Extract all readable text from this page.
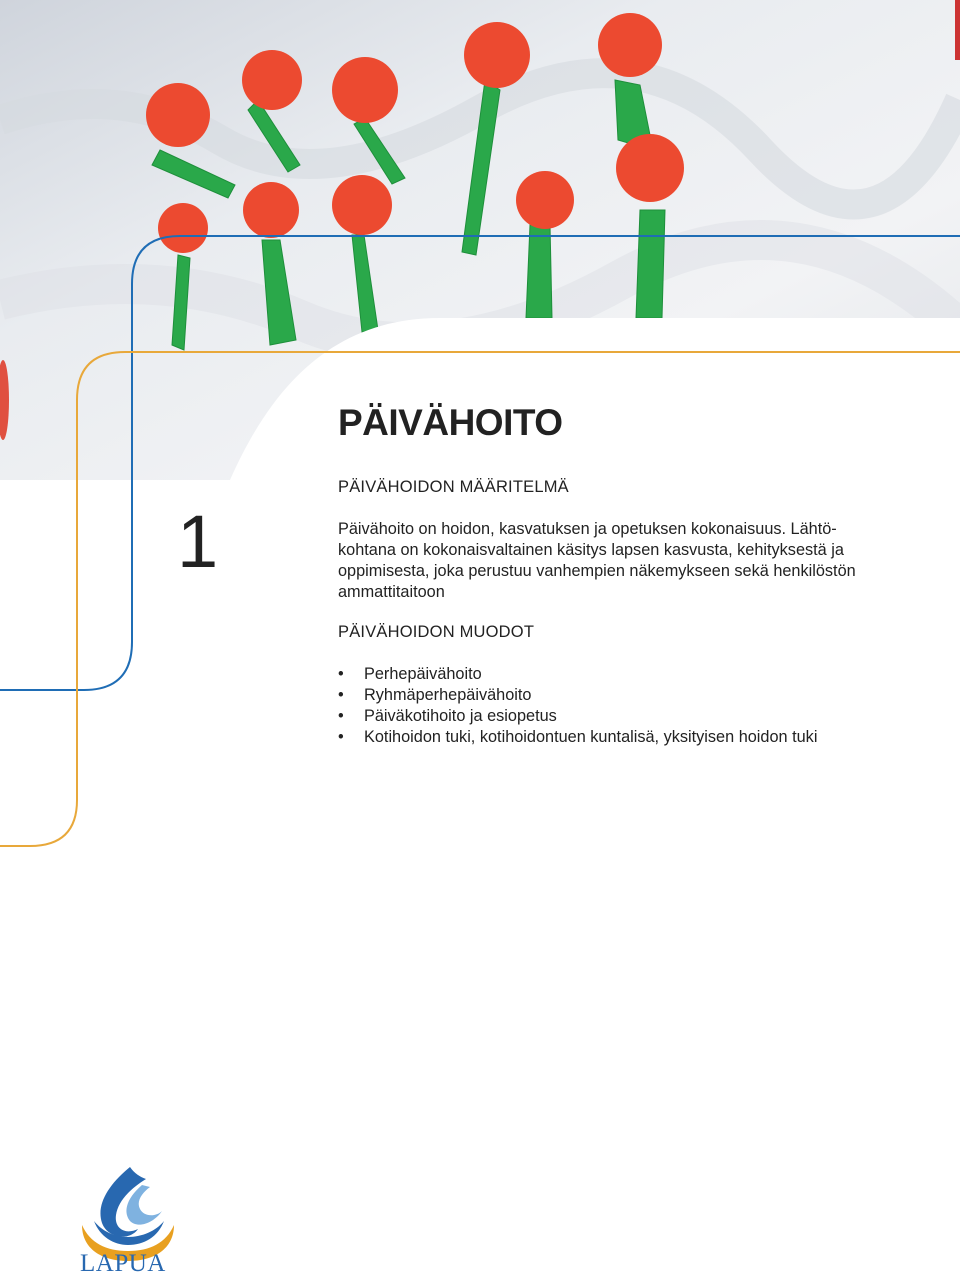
1
PÄIVÄHOITO
PÄIVÄHOIDON MÄÄRITELMÄ

Päivähoito on hoidon, kasvatuksen ja opetuksen kokonaisuus. Lähtö-
kohtana on kokonaisvaltainen käsitys lapsen kasvusta, kehityksestä ja
oppimisesta, joka perustuu vanhempien näkemykseen sekä henkilöstön
ammattitaitoon

PÄIVÄHOIDON MUODOT
• Perhepäivähoito
• Ryhmäperhepäivähoito
• Päiväkotihoito ja esiopetus
• Kotihoidon tuki, kotihoidontuen kuntalisä, yksityisen hoidon tuki
LAPUA
